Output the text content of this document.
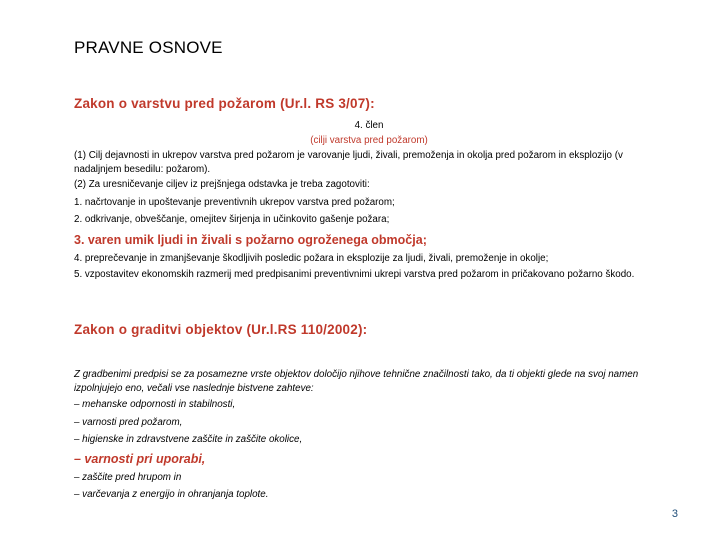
PRAVNE OSNOVE
Zakon o varstvu pred požarom (Ur.l. RS 3/07):
4. člen
(cilji varstva pred požarom)
(1) Cilj dejavnosti in ukrepov varstva pred požarom je varovanje ljudi, živali, premoženja in okolja pred požarom in eksplozijo (v nadaljnjem besedilu: požarom).
(2) Za uresničevanje ciljev iz prejšnjega odstavka je treba zagotoviti:
1. načrtovanje in upoštevanje preventivnih ukrepov varstva pred požarom;
2. odkrivanje, obveščanje, omejitev širjenja in učinkovito gašenje požara;
3. varen umik ljudi in živali s požarno ogroženega območja;
4. preprečevanje in zmanjševanje škodljivih posledic požara in eksplozije za ljudi, živali, premoženje in okolje;
5. vzpostavitev ekonomskih razmerij med predpisanimi preventivnimi ukrepi varstva pred požarom in pričakovano požarno škodo.
Zakon o graditvi objektov (Ur.l.RS 110/2002):
Z gradbenimi predpisi se za posamezne vrste objektov določijo njihove tehnične značilnosti tako, da ti objekti glede na svoj namen izpolnjujejo eno, večali vse naslednje bistvene zahteve:
– mehanske odpornosti in stabilnosti,
– varnosti pred požarom,
– higienske in zdravstvene zaščite in zaščite okolice,
– varnosti pri uporabi,
– zaščite pred hrupom in
– varčevanja z energijo in ohranjanja toplote.
3
